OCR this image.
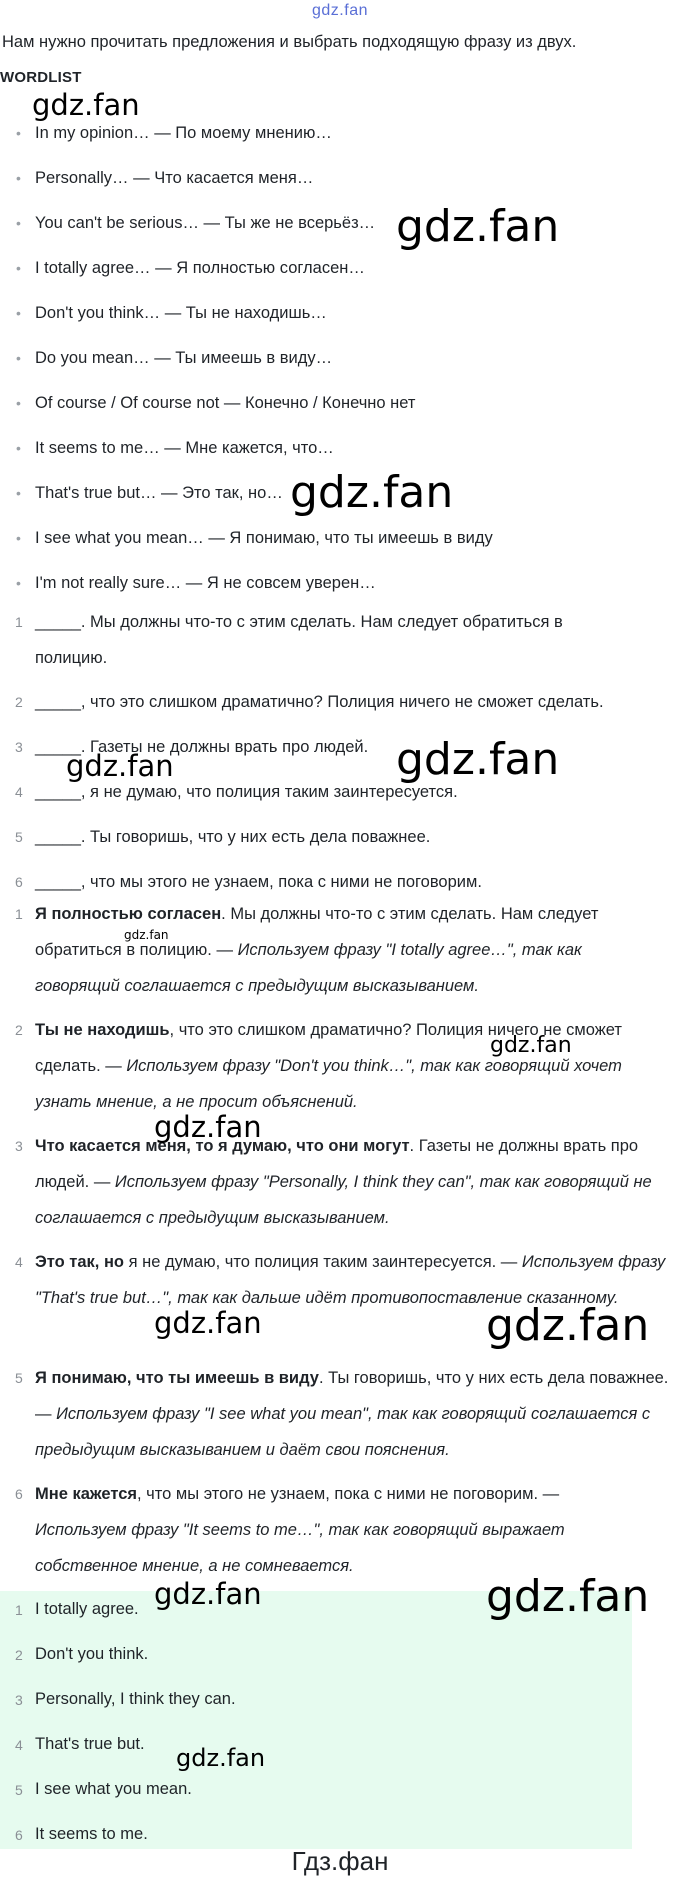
gdz.fan
Нам нужно прочитать предложения и выбрать подходящую фразу из двух.
WORDLIST
• In my opinion… — По моему мнению…
• Personally… — Что касается меня…
• You can't be serious… — Ты же не всерьёз…
• I totally agree… — Я полностью согласен…
• Don't you think… — Ты не находишь…
• Do you mean… — Ты имеешь в виду…
• Of course / Of course not — Конечно / Конечно нет
• It seems to me… — Мне кажется, что…
• That's true but… — Это так, но…
• I see what you mean… — Я понимаю, что ты имеешь в виду
• I'm not really sure… — Я не совсем уверен…
1 _____. Мы должны что-то с этим сделать. Нам следует обратиться в полицию.
2 _____, что это слишком драматично? Полиция ничего не сможет сделать.
3 _____. Газеты не должны врать про людей.
4 _____, я не думаю, что полиция таким заинтересуется.
5 _____. Ты говоришь, что у них есть дела поважнее.
6 _____, что мы этого не узнаем, пока с ними не поговорим.
1 Я полностью согласен. Мы должны что-то с этим сделать. Нам следует обратиться в полицию. — Используем фразу "I totally agree…", так как говорящий соглашается с предыдущим высказыванием.
2 Ты не находишь, что это слишком драматично? Полиция ничего не сможет сделать. — Используем фразу "Don't you think…", так как говорящий хочет узнать мнение, а не просит объяснений.
3 Что касается меня, то я думаю, что они могут. Газеты не должны врать про людей. — Используем фразу "Personally, I think they can", так как говорящий не соглашается с предыдущим высказыванием.
4 Это так, но я не думаю, что полиция таким заинтересуется. — Используем фразу "That's true but…", так как дальше идёт противопоставление сказанному.
5 Я понимаю, что ты имеешь в виду. Ты говоришь, что у них есть дела поважнее. — Используем фразу "I see what you mean", так как говорящий соглашается с предыдущим высказыванием и даёт свои пояснения.
6 Мне кажется, что мы этого не узнаем, пока с ними не поговорим. — Используем фразу "It seems to me…", так как говорящий выражает собственное мнение, а не сомневается.
1 I totally agree.
2 Don't you think.
3 Personally, I think they can.
4 That's true but.
5 I see what you mean.
6 It seems to me.
gdz.fan
gdz.fan
gdz.fan
gdz.fan
gdz.fan
gdz.fan
gdz.fan
gdz.fan
gdz.fan	gdz.fan
gdz.fan	gdz.fan
gdz.fan
Гдз.фан
